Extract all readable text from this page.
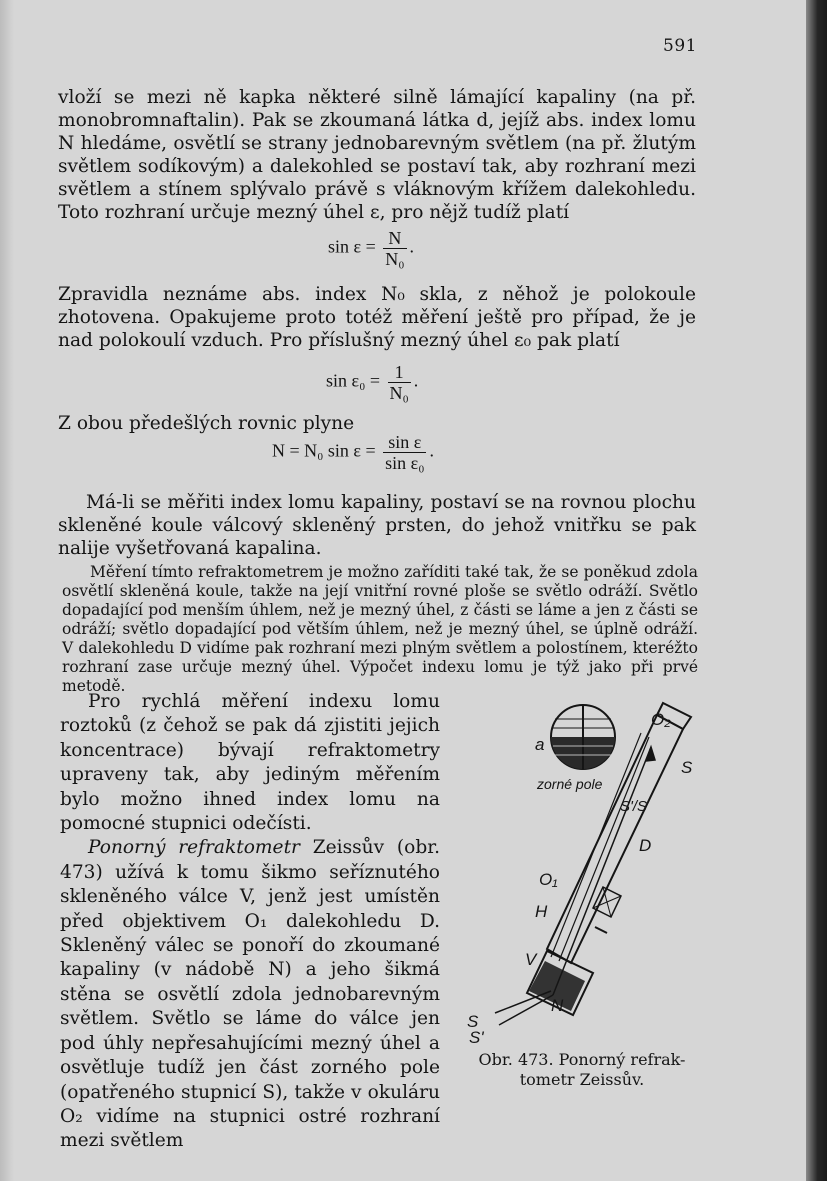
591

vloží se mezi ně kapka některé silně lámající kapaliny (na př. monobromnaftalin). Pak se zkoumaná látka d, jejíž abs. index lomu N hledáme, osvětlí se strany jednobarevným světlem (na př. žlutým světlem sodíkovým) a dalekohled se postaví tak, aby rozhraní mezi světlem a stínem splývalo právě s vláknovým křížem dalekohledu. Toto rozhraní určuje mezný úhel ε, pro nějž tudíž platí

$\sin \varepsilon = \frac{N}{\text{N₀}}$ .

Zpravidla neznáme abs. index N₀ skla, z něhož je polokoule zhotovena. Opakujeme proto totéž měření ještě pro případ, že je nad polokoulí vzduch. Pro příslušný mezný úhel ε₀ pak platí

$\sin \varepsilon_0 = \frac{1}{\text{N₀}}$ .

Z obou předešlých rovnic plyne

N = N₀ $\sin \varepsilon = \frac{\text{sin ε}}{\text{sin ε₀}}$ .

Má-li se měřiti index lomu kapaliny, postaví se na rovnou plochu skleněné koule válcový skleněný prsten, do jehož vnitřku se pak nalije vyšetřovaná kapalina.

Měření tímto refraktometrem je možno zaříditi také tak, že se poněkud zdola osvětlí skleněná koule, takže na její vnitřní rovné ploše se světlo odráží. Světlo dopadající pod menším úhlem, než je mezný úhel, z části se láme a jen z části se odráží; světlo dopadající pod větším úhlem, než je mezný úhel, se úplně odráží. V dalekohledu D vidíme pak rozhraní mezi plným světlem a polostínem, kteréžto rozhraní zase určuje mezný úhel. Výpočet indexu lomu je týž jako při prvé metodě.

Pro rychlá měření indexu lomu roztoků (z čehož se pak dá zjistiti jejich koncentrace) bývají refraktometry upraveny tak, aby jediným měřením bylo možno ihned index lomu na pomocné stupnici odečísti.

Ponorný refraktometr Zeissův (obr. 473) užívá k tomu šikmo seříznutého skleněného válce V, jenž jest umístěn před objektivem O₁ dalekohledu D. Skleněný válec se ponoří do zkoumané kapaliny (v nádobě N) a jeho šikmá stěna se osvětlí zdola jednobarevným světlem. Světlo se láme do válce jen pod úhly nepřesahujícími mezný úhel a osvětluje tudíž jen část zorného pole (opatřeného stupnicí S), takže v okuláru O₂ vidíme na stupnici ostré rozhraní mezi světlem

a
zorné pole
O₂
S
S'/S
D
O₁
H
V
N
S
S'
Obr. 473. Ponorný refrak-
tometr Zeissův.
